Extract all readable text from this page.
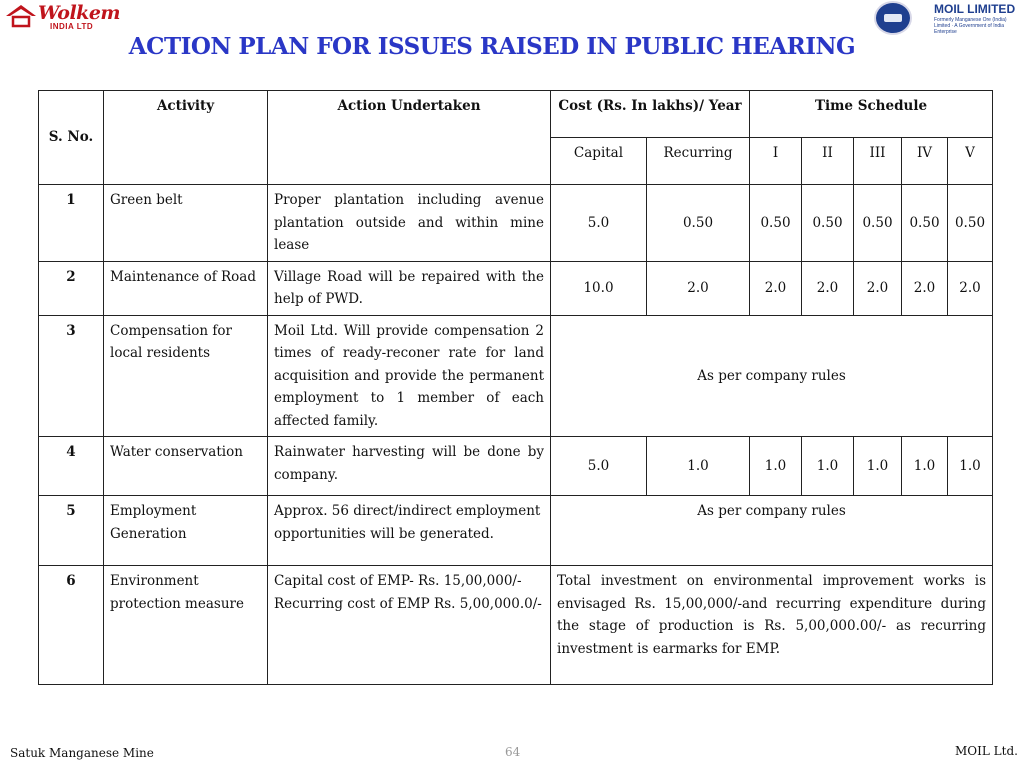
Wolkem
INDIA LTD
MOIL LIMITED
Formerly Manganese Ore (India) Limited · A Government of India Enterprise
ACTION PLAN FOR ISSUES RAISED IN PUBLIC HEARING
S. No.	Activity	Action Undertaken	Cost (Rs. In lakhs)/ Year		Time Schedule				
			Capital	Recurring	I	II	III	IV	V
1	Green belt	Proper plantation including avenue plantation outside and within mine lease	5.0	0.50	0.50	0.50	0.50	0.50	0.50
2	Maintenance of Road	Village Road will be repaired with the help of PWD.	10.0	2.0	2.0	2.0	2.0	2.0	2.0
3	Compensation for local residents	Moil Ltd. Will provide compensation 2 times of ready-reconer rate for land acquisition and provide the permanent employment to 1 member of each affected family.	As per company rules						
4	Water conservation	Rainwater harvesting will be done by company.	5.0	1.0	1.0	1.0	1.0	1.0	1.0
5	Employment Generation	Approx. 56 direct/indirect employment opportunities will be generated.	As per company rules						
6	Environment protection measure	Capital cost of EMP- Rs. 15,00,000/- Recurring cost of EMP Rs. 5,00,000.0/-	Total investment on environmental improvement works is envisaged Rs. 15,00,000/-and recurring expenditure during the stage of production is Rs. 5,00,000.00/- as recurring investment is earmarks for EMP.						
Satuk Manganese Mine	64	MOIL Ltd.
